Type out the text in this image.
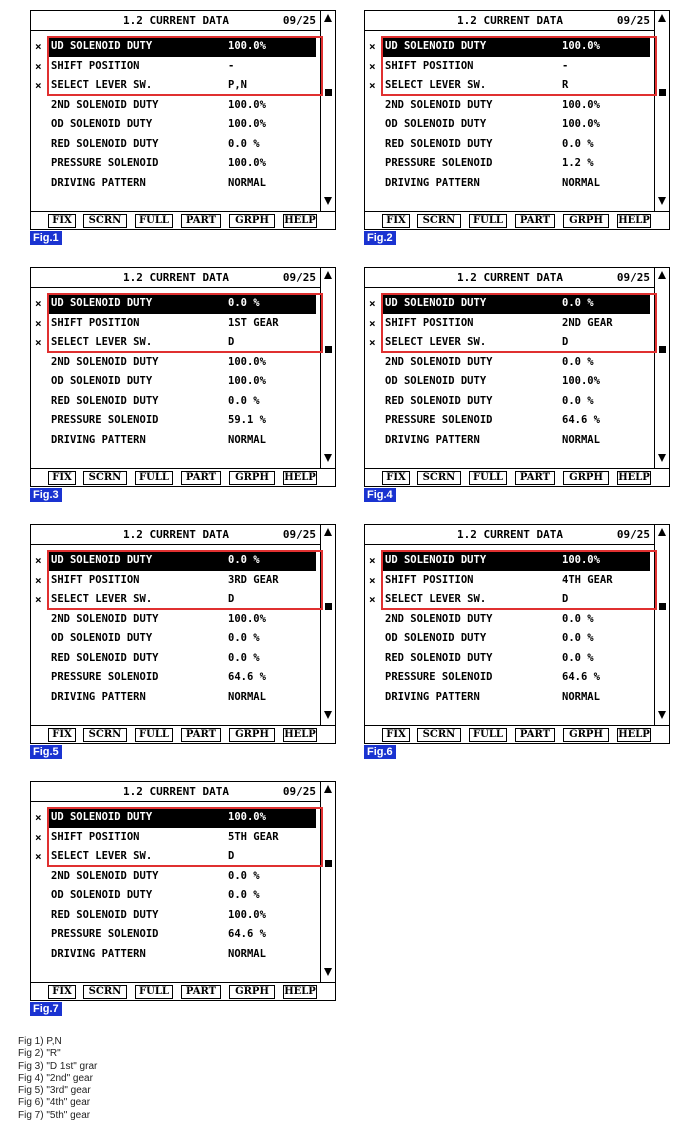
1.2 CURRENT DATA	09/25
× UD SOLENOID DUTY	100.0%
× SHIFT POSITION	-
× SELECT LEVER SW.	P,N
2ND SOLENOID DUTY	100.0%
OD SOLENOID DUTY	100.0%
RED SOLENOID DUTY	0.0 %
PRESSURE SOLENOID	100.0%
DRIVING PATTERN	NORMAL
FIX	SCRN	FULL	PART	GRPH	HELP
Fig.1
1.2 CURRENT DATA	09/25
× UD SOLENOID DUTY	100.0%
× SHIFT POSITION	-
× SELECT LEVER SW.	R
2ND SOLENOID DUTY	100.0%
OD SOLENOID DUTY	100.0%
RED SOLENOID DUTY	0.0 %
PRESSURE SOLENOID	1.2 %
DRIVING PATTERN	NORMAL
FIX	SCRN	FULL	PART	GRPH	HELP
Fig.2
1.2 CURRENT DATA	09/25
× UD SOLENOID DUTY	0.0 %
× SHIFT POSITION	1ST GEAR
× SELECT LEVER SW.	D
2ND SOLENOID DUTY	100.0%
OD SOLENOID DUTY	100.0%
RED SOLENOID DUTY	0.0 %
PRESSURE SOLENOID	59.1 %
DRIVING PATTERN	NORMAL
FIX	SCRN	FULL	PART	GRPH	HELP
Fig.3
1.2 CURRENT DATA	09/25
× UD SOLENOID DUTY	0.0 %
× SHIFT POSITION	2ND GEAR
× SELECT LEVER SW.	D
2ND SOLENOID DUTY	0.0 %
OD SOLENOID DUTY	100.0%
RED SOLENOID DUTY	0.0 %
PRESSURE SOLENOID	64.6 %
DRIVING PATTERN	NORMAL
FIX	SCRN	FULL	PART	GRPH	HELP
Fig.4
1.2 CURRENT DATA	09/25
× UD SOLENOID DUTY	0.0 %
× SHIFT POSITION	3RD GEAR
× SELECT LEVER SW.	D
2ND SOLENOID DUTY	100.0%
OD SOLENOID DUTY	0.0 %
RED SOLENOID DUTY	0.0 %
PRESSURE SOLENOID	64.6 %
DRIVING PATTERN	NORMAL
FIX	SCRN	FULL	PART	GRPH	HELP
Fig.5
1.2 CURRENT DATA	09/25
× UD SOLENOID DUTY	100.0%
× SHIFT POSITION	4TH GEAR
× SELECT LEVER SW.	D
2ND SOLENOID DUTY	0.0 %
OD SOLENOID DUTY	0.0 %
RED SOLENOID DUTY	0.0 %
PRESSURE SOLENOID	64.6 %
DRIVING PATTERN	NORMAL
FIX	SCRN	FULL	PART	GRPH	HELP
Fig.6
1.2 CURRENT DATA	09/25
× UD SOLENOID DUTY	100.0%
× SHIFT POSITION	5TH GEAR
× SELECT LEVER SW.	D
2ND SOLENOID DUTY	0.0 %
OD SOLENOID DUTY	0.0 %
RED SOLENOID DUTY	100.0%
PRESSURE SOLENOID	64.6 %
DRIVING PATTERN	NORMAL
FIX	SCRN	FULL	PART	GRPH	HELP
Fig.7
Fig 1) P,N
Fig 2) "R"
Fig 3) "D 1st" grar
Fig 4) "2nd" gear
Fig 5) "3rd" gear
Fig 6) "4th" gear
Fig 7) "5th" gear
